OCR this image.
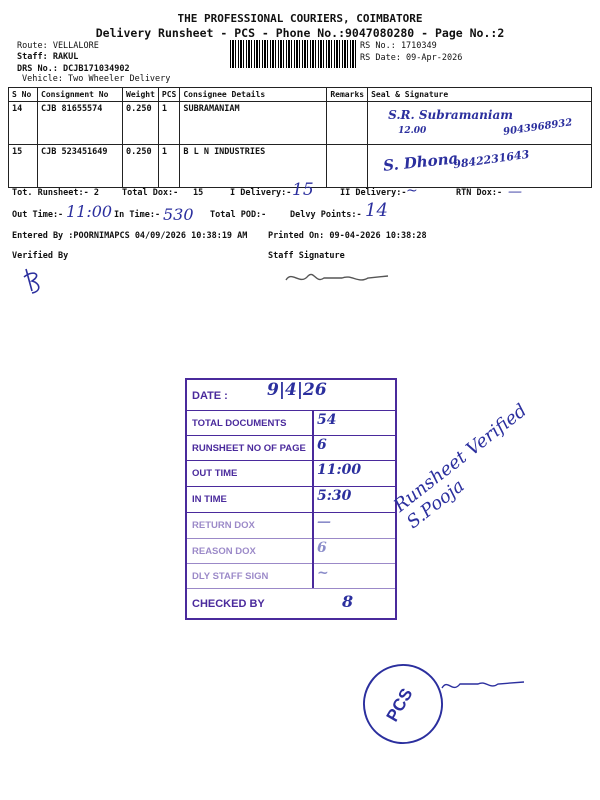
THE PROFESSIONAL COURIERS, COIMBATORE
Delivery Runsheet - PCS - Phone No.:9047080280 - Page No.:2
Route: VELLALORE
Staff: RAKUL
DRS No.: DCJB171034902
Vehicle: Two Wheeler Delivery
RS No.: 1710349
RS Date: 09-Apr-2026
S No	Consignment No	Weight	PCS	Consignee Details	Remarks	Seal & Signature
14	CJB 81655574	0.250	1	SUBRAMANIAM		S.R. Subramaniam
12.00 9043968932

15	CJB 523451649	0.250	1	B L N INDUSTRIES		S. Dhona
9842231643
Tot. Runsheet:- 2	Total Dox:- 15	I Delivery:- 15	II Delivery:- ~	RTN Dox:- —
Out Time:- 11:00 In Time:- 530 Total POD:-	Delvy Points:- 14
Entered By :POORNIMAPCS 04/09/2026 10:38:19 AM Printed On: 09-04-2026 10:38:28
Verified By	Staff Signature
DATE : 9|4|26
TOTAL DOCUMENTS 54
RUNSHEET NO OF PAGE 6
OUT TIME	11:00
IN TIME	5:30
RETURN DOX	—
REASON DOX	6
DLY STAFF SIGN	~
CHECKED BY	8
Runsheet Verified S.Pooja
PCS
